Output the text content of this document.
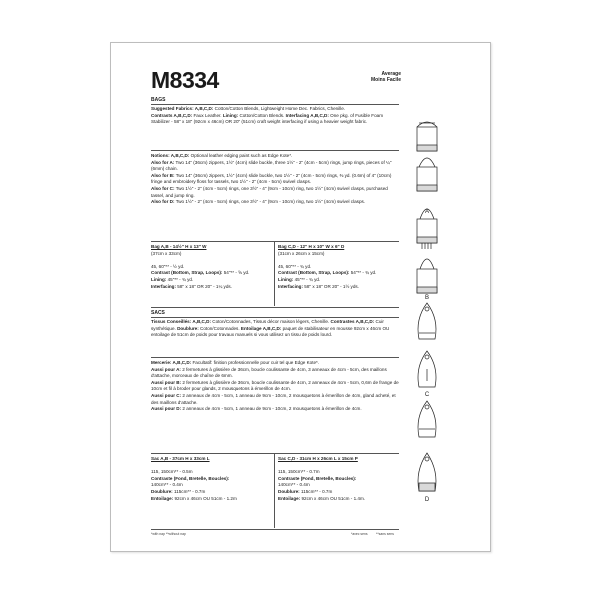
M8334	Average
Moins Facile
BAGS
Suggested Fabrics: A,B,C,D: Cotton/Cotton Blends, Lightweight Home Dec. Fabrics, Chenille.
Contrasts A,B,C,D: Faux Leather. Lining: Cotton/Cotton Blends. Interfacing A,B,C,D: One pkg. of Fusible Foam Stabilizer - 58" x 18" (92cm x 46cm) OR 20" (51cm) craft weight interfacing if using a heavier weight fabric.
Notions: A,B,C,D: Optional leather edging paint such as Edge Kote*.
Also for A: Two 14" (36cm) zippers, 1½" (4cm) slide buckle, three 1½" - 2" (4cm - 5cm) rings, jump rings, pieces of ¼" (6mm) chain.
Also for B: Two 14" (36cm) zippers, 1½" (4cm) slide buckle, two 1½" - 2" (4cm - 5cm) rings, ⅜ yd. (0.6m) of 4" (10cm) fringe and embroidery floss for tassels, two 1½" - 2" (4cm - 5cm) swivel clasps.
Also for C: Two 1½" - 2" (4cm - 5cm) rings, one 3½" - 4" (9cm - 10cm) ring, two 1½" (4cm) swivel clasps, purchased tassel, and jump ring.
Also for D: Two 1½" - 2" (4cm - 5cm) rings, one 3½" - 4" (9cm - 10cm) ring, two 1½" (4cm) swivel clasps.
Bag A,B - 14½" H x 13" W
(37cm x 33cm)

45, 60"** - ½ yd.
Contrast (Bottom, Strap, Loops): 54"** - ⅝ yd.
Lining: 45"** - ¾ yd.
Interfacing: 58" x 18" OR 20" - 1¼ yds.
Bag C,D - 12" H x 10" W x 6" D
(31cm x 26cm x 15cm)

45, 60"** - ¾ yd.
Contrast (Bottom, Strap, Loops): 54"** - ¾ yd.
Lining: 45"** - ¾ yd.
Interfacing: 58" x 18" OR 20" - 1½ yds.
SACS
Tissus Conseillés: A,B,C,D: Coton/Cotonnades, Tissus décor maison légers, Chenille. Contrastes A,B,C,D: Cuir synthétique. Doublure: Coton/Cotonnades. Entoilage A,B,C,D: paquet de stabilisateur en mousse 92cm x 46cm OU entoilage de 51cm de poids pour travaux manuels si vous utilisez un tissu de poids lourd.
Mercerie: A,B,C,D: Facultatif: finition professionnelle pour cuir tel que Edge Kote*.
Aussi pour A: 2 fermetures à glissière de 36cm, boucle coulissante de 4cm, 3 anneaux de 4cm - 5cm, des maillons d'attache, morceaux de chaîne de 6mm.
Aussi pour B: 2 fermetures à glissière de 36cm, boucle coulissante de 4cm, 2 anneaux de 4cm - 5cm, 0,6m de frange de 10cm et fil à broder pour glands, 2 mousquetons à émerillon de 4cm.
Aussi pour C: 2 anneaux de 4cm - 5cm, 1 anneau de 9cm - 10cm, 2 mousquetons à émerillon de 4cm, gland acheté, et des maillons d'attache.
Aussi pour D: 2 anneaux de 4cm - 5cm, 1 anneau de 9cm - 10cm, 2 mousquetons à émerillon de 4cm.
Sac A,B - 37cm H x 33cm L

115, 150cm** - 0.5m
Contraste (Fond, Bretelle, Boucles):
140cm** - 0.4m
Doublure: 115cm** - 0.7m
Entoilage: 92cm x 46cm OU 51cm - 1.2m
Sac C,D - 31cm H x 26cm L x 15cm P

115, 150cm** - 0.7m
Contraste (Fond, Bretelle, Boucles):
140cm** - 0.4m
Doublure: 115cm** - 0.7m
Entoilage: 92cm x 46cm OU 51cm - 1.4m.
*with nap **without nap	*avec sens **sans sens
A
B
C
D
